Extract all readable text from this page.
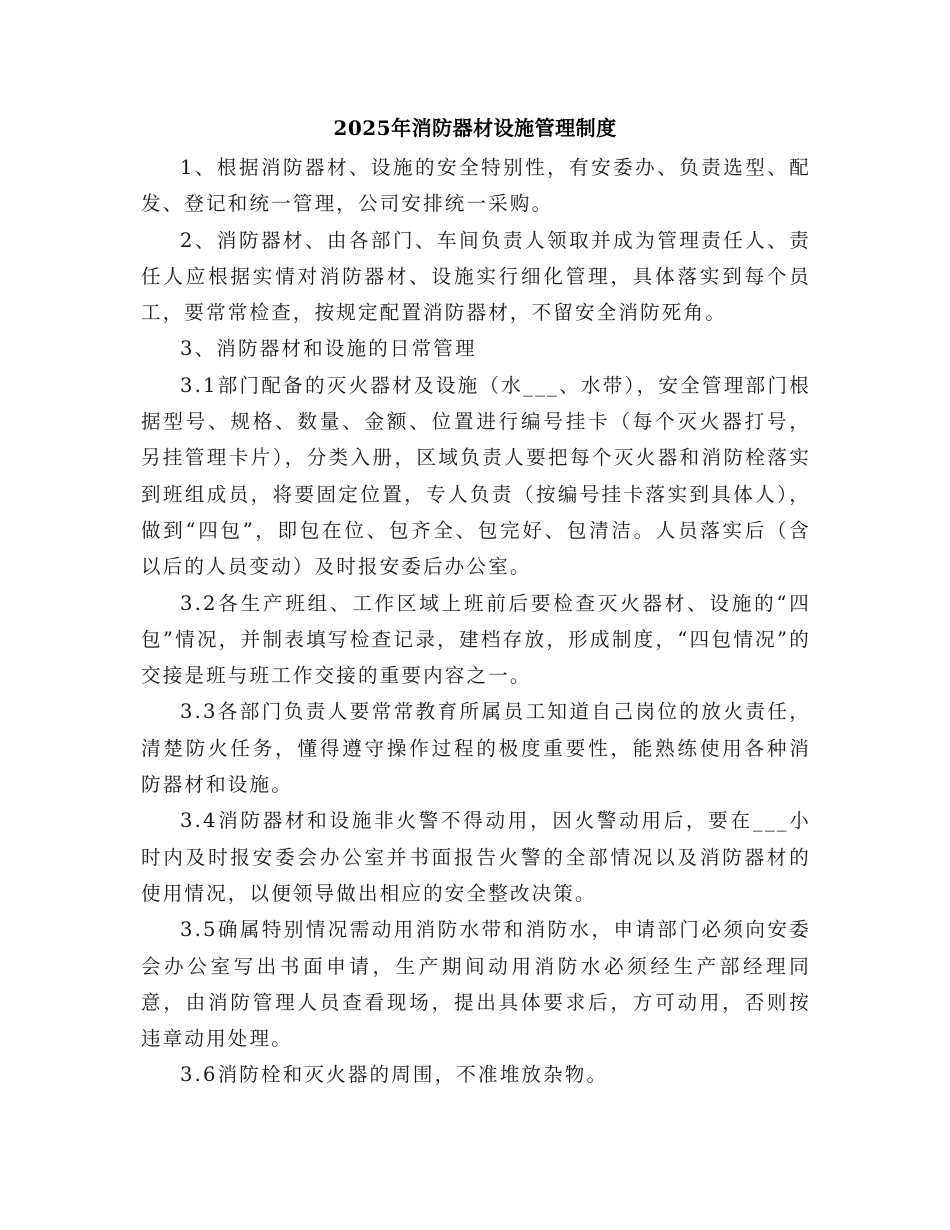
2025年消防器材设施管理制度

1、根据消防器材、设施的安全特别性，有安委办、负责选型、配发、登记和统一管理，公司安排统一采购。

2、消防器材、由各部门、车间负责人领取并成为管理责任人、责任人应根据实情对消防器材、设施实行细化管理，具体落实到每个员工，要常常检查，按规定配置消防器材，不留安全消防死角。

3、消防器材和设施的日常管理

3.1部门配备的灭火器材及设施（水___、水带），安全管理部门根据型号、规格、数量、金额、位置进行编号挂卡（每个灭火器打号，另挂管理卡片），分类入册，区域负责人要把每个灭火器和消防栓落实到班组成员，将要固定位置，专人负责（按编号挂卡落实到具体人），做到“四包”，即包在位、包齐全、包完好、包清洁。人员落实后（含以后的人员变动）及时报安委后办公室。

3.2各生产班组、工作区域上班前后要检查灭火器材、设施的“四包”情况，并制表填写检查记录，建档存放，形成制度，“四包情况”的交接是班与班工作交接的重要内容之一。

3.3各部门负责人要常常教育所属员工知道自己岗位的放火责任，清楚防火任务，懂得遵守操作过程的极度重要性，能熟练使用各种消防器材和设施。

3.4消防器材和设施非火警不得动用，因火警动用后，要在___小时内及时报安委会办公室并书面报告火警的全部情况以及消防器材的使用情况，以便领导做出相应的安全整改决策。

3.5确属特别情况需动用消防水带和消防水，申请部门必须向安委会办公室写出书面申请，生产期间动用消防水必须经生产部经理同意，由消防管理人员查看现场，提出具体要求后，方可动用，否则按违章动用处理。

3.6消防栓和灭火器的周围，不准堆放杂物。
